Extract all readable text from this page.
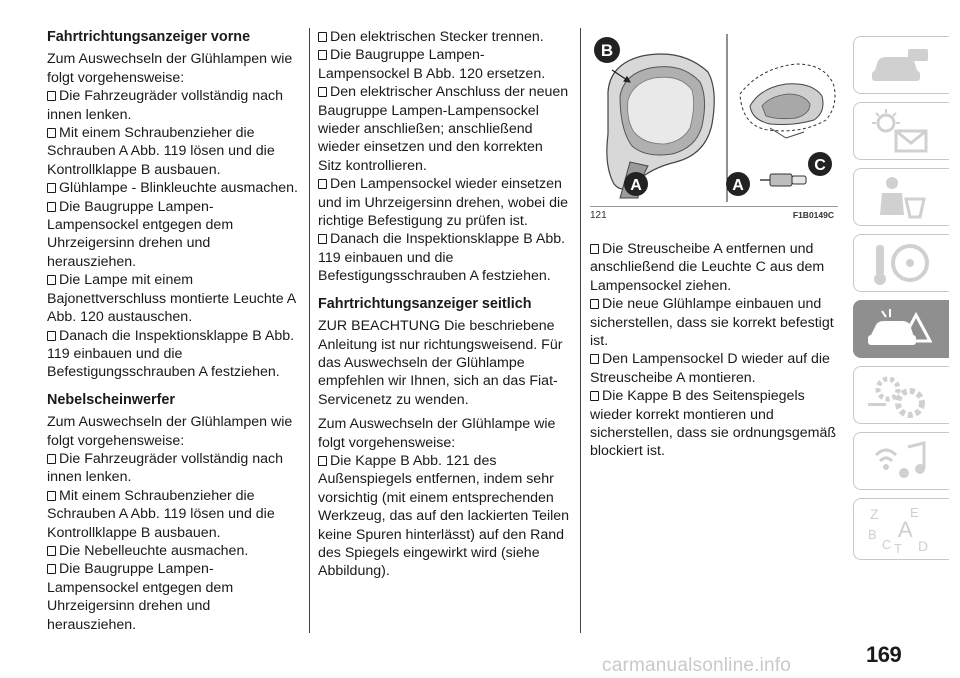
Fahrtrichtungsanzeiger vorne

Zum Auswechseln der Glühlampen wie folgt vorgehensweise:

Die Fahrzeugräder vollständig nach innen lenken.

Mit einem Schraubenzieher die Schrauben A Abb. 119 lösen und die Kontrollklappe B ausbauen.

Glühlampe - Blinkleuchte ausmachen.

Die Baugruppe Lampen-Lampensockel entgegen dem Uhrzeigersinn drehen und herausziehen.

Die Lampe mit einem Bajonettverschluss montierte Leuchte A Abb. 120 austauschen.

Danach die Inspektionsklappe B Abb. 119 einbauen und die Befestigungsschrauben A festziehen.

Nebelscheinwerfer

Zum Auswechseln der Glühlampen wie folgt vorgehensweise:

Die Fahrzeugräder vollständig nach innen lenken.

Mit einem Schraubenzieher die Schrauben A Abb. 119 lösen und die Kontrollklappe B ausbauen.

Die Nebelleuchte ausmachen.

Die Baugruppe Lampen-Lampensockel entgegen dem Uhrzeigersinn drehen und herausziehen.

Den elektrischen Stecker trennen.

Die Baugruppe Lampen-Lampensockel B Abb. 120 ersetzen.

Den elektrischer Anschluss der neuen Baugruppe Lampen-Lampensockel wieder anschließen; anschließend wieder einsetzen und den korrekten Sitz kontrollieren.

Den Lampensockel wieder einsetzen und im Uhrzeigersinn drehen, wobei die richtige Befestigung zu prüfen ist.

Danach die Inspektionsklappe B Abb. 119 einbauen und die Befestigungsschrauben A festziehen.

Fahrtrichtungsanzeiger seitlich

ZUR BEACHTUNG Die beschriebene Anleitung ist nur richtungsweisend. Für das Auswechseln der Glühlampe empfehlen wir Ihnen, sich an das Fiat-Servicenetz zu wenden.

Zum Auswechseln der Glühlampe wie folgt vorgehensweise:

Die Kappe B Abb. 121 des Außenspiegels entfernen, indem sehr vorsichtig (mit einem entsprechenden Werkzeug, das auf den lackierten Teilen keine Spuren hinterlässt) auf den Rand des Spiegels eingewirkt wird (siehe Abbildung).

B
A	A
C
121	F1B0149C

Die Streuscheibe A entfernen und anschließend die Leuchte C aus dem Lampensockel ziehen.

Die neue Glühlampe einbauen und sicherstellen, dass sie korrekt befestigt ist.

Den Lampensockel D wieder auf die Streuscheibe A montieren.

Die Kappe B des Seitenspiegels wieder korrekt montieren und sicherstellen, dass sie ordnungsgemäß blockiert ist.

Z E
B A
C T D
169
carmanualsonline.info
